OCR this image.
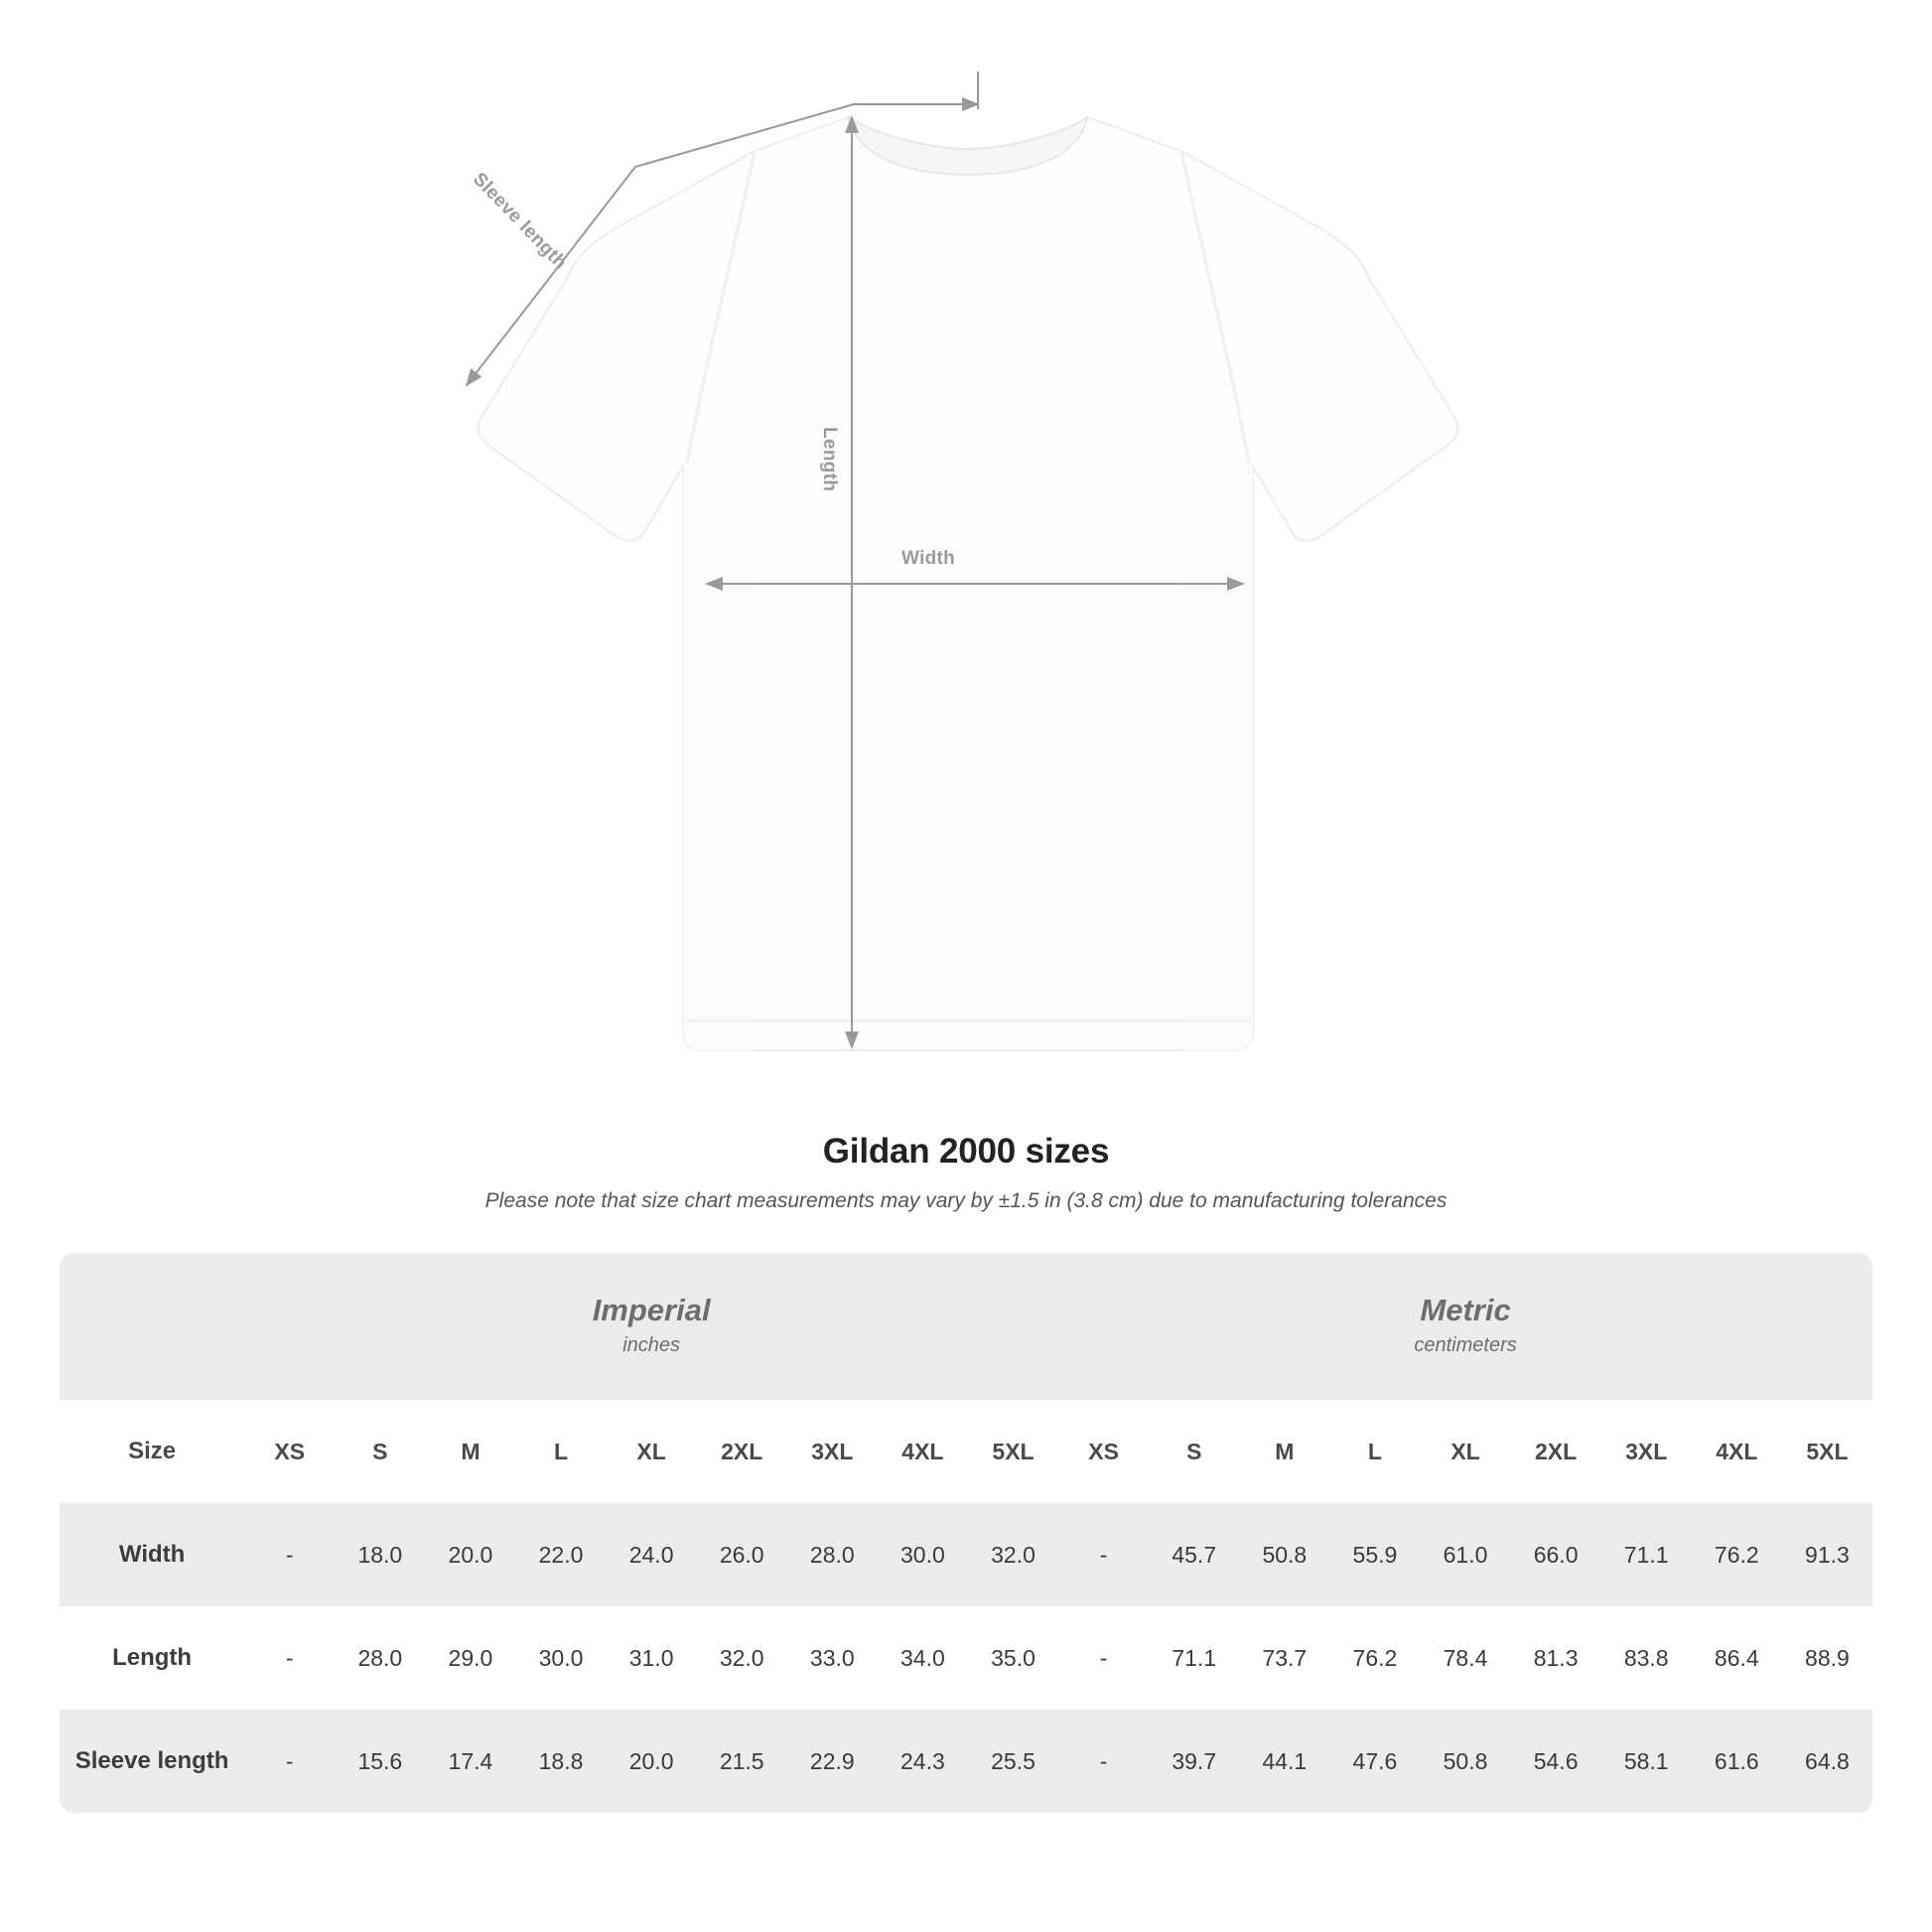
Sleeve length
Length
Width
Gildan 2000 sizes

Please note that size chart measurements may vary by ±1.5 in (3.8 cm) due to manufacturing tolerances

Imperial
inches

Metric
centimeters

Size	XS	S	M	L	XL	2XL	3XL	4XL	5XL	XS	S	M	L	XL	2XL	3XL	4XL	5XL
Width	-	18.0	20.0	22.0	24.0	26.0	28.0	30.0	32.0	-	45.7	50.8	55.9	61.0	66.0	71.1	76.2	91.3
Length	-	28.0	29.0	30.0	31.0	32.0	33.0	34.0	35.0	-	71.1	73.7	76.2	78.4	81.3	83.8	86.4	88.9
Sleeve length	-	15.6	17.4	18.8	20.0	21.5	22.9	24.3	25.5	-	39.7	44.1	47.6	50.8	54.6	58.1	61.6	64.8
